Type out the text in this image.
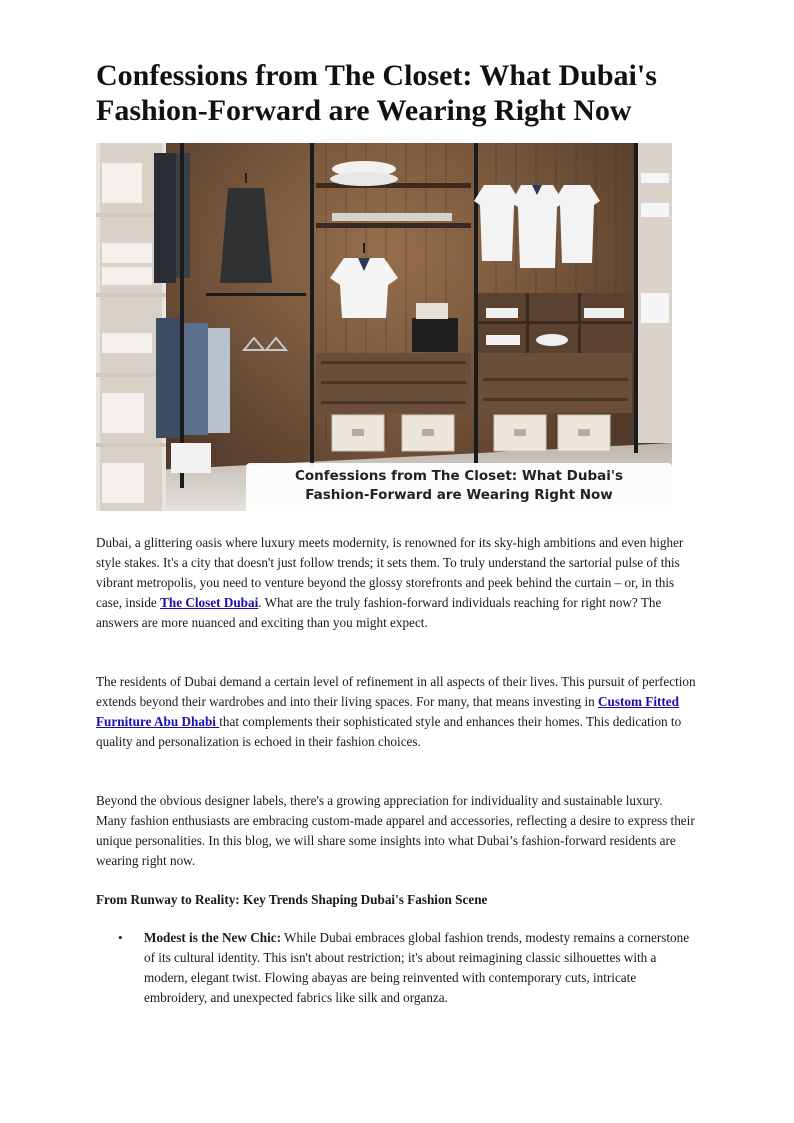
Confessions from The Closet: What Dubai's Fashion-Forward are Wearing Right Now
Confessions from The Closet: What Dubai's
Fashion-Forward are Wearing Right Now

Dubai, a glittering oasis where luxury meets modernity, is renowned for its sky-high ambitions and even higher style stakes. It's a city that doesn't just follow trends; it sets them. To truly understand the sartorial pulse of this vibrant metropolis, you need to venture beyond the glossy storefronts and peek behind the curtain – or, in this case, inside The Closet Dubai. What are the truly fashion-forward individuals reaching for right now? The answers are more nuanced and exciting than you might expect.

The residents of Dubai demand a certain level of refinement in all aspects of their lives. This pursuit of perfection extends beyond their wardrobes and into their living spaces. For many, that means investing in Custom Fitted Furniture Abu Dhabi that complements their sophisticated style and enhances their homes. This dedication to quality and personalization is echoed in their fashion choices.

Beyond the obvious designer labels, there's a growing appreciation for individuality and sustainable luxury. Many fashion enthusiasts are embracing custom-made apparel and accessories, reflecting a desire to express their unique personalities. In this blog, we will share some insights into what Dubai’s fashion-forward residents are wearing right now.

From Runway to Reality: Key Trends Shaping Dubai's Fashion Scene

• Modest is the New Chic: While Dubai embraces global fashion trends, modesty remains a cornerstone of its cultural identity. This isn't about restriction; it's about reimagining classic silhouettes with a modern, elegant twist. Flowing abayas are being reinvented with contemporary cuts, intricate embroidery, and unexpected fabrics like silk and organza.
